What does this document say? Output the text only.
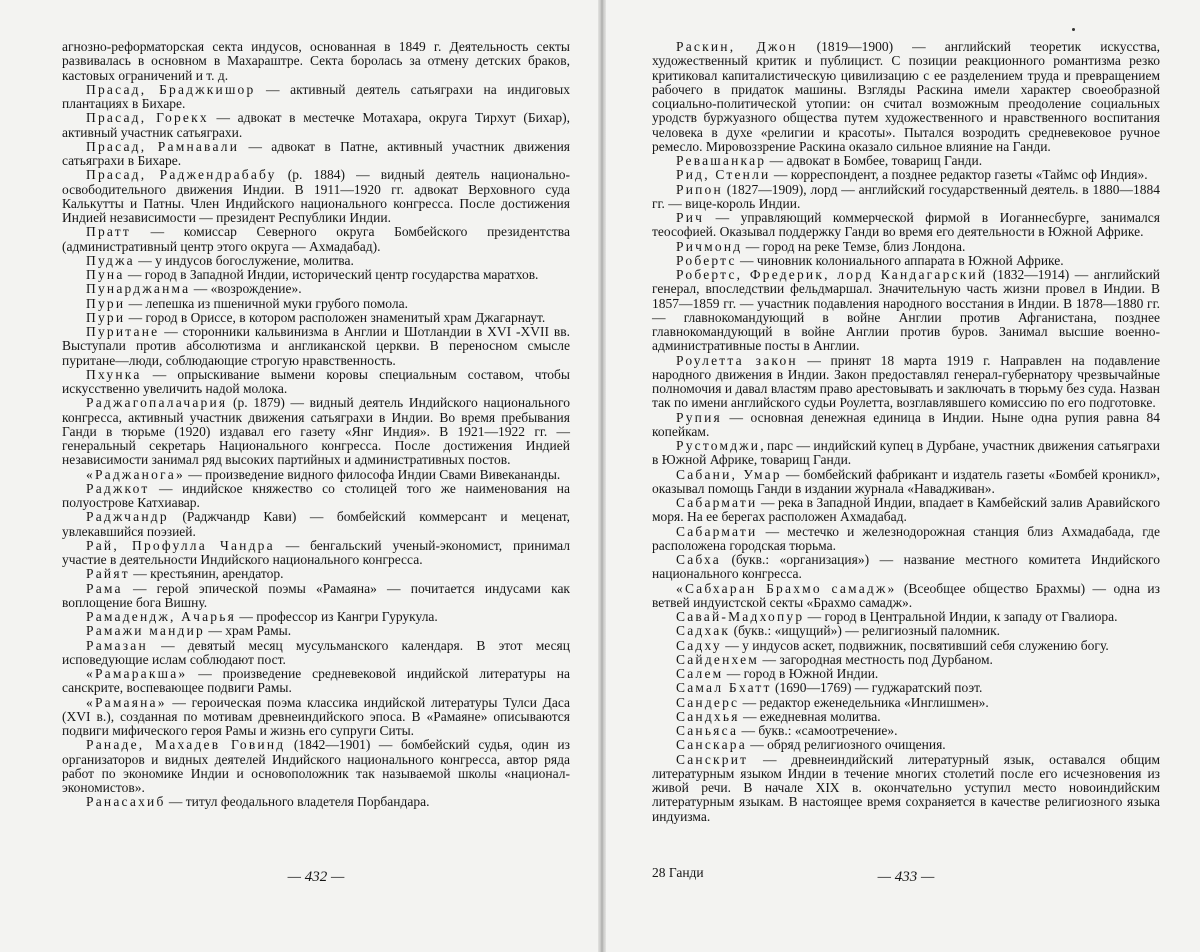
агнозно-реформаторская секта индусов, основанная в 1849 г. Деятельность секты развивалась в основном в Махараштре. Секта боролась за отмену детских браков, кастовых ограничений и т. д.

Прасад, Браджкишор — активный деятель сатьяграхи на индиговых плантациях в Бихаре.

Прасад, Горекх — адвокат в местечке Мотахара, округа Тирхут (Бихар), активный участник сатьяграхи.

Прасад, Рамнавали — адвокат в Патне, активный участник движения сатьяграхи в Бихаре.

Прасад, Раджендрабабу (р. 1884) — видный деятель национально-освободительного движения Индии. В 1911—1920 гг. адвокат Верховного суда Калькутты и Патны. Член Индийского национального конгресса. После достижения Индией независимости — президент Республики Индии.

Пратт — комиссар Северного округа Бомбейского президентства (административный центр этого округа — Ахмадабад).

Пуджа — у индусов богослужение, молитва.

Пуна — город в Западной Индии, исторический центр государства маратхов.

Пунарджанма — «возрождение».

Пури — лепешка из пшеничной муки грубого помола.

Пури — город в Ориссе, в котором расположен знаменитый храм Джагарнаут.

Пуритане — сторонники кальвинизма в Англии и Шотландии в XVI -XVII вв. Выступали против абсолютизма и англиканской церкви. В переносном смысле пуритане—люди, соблюдающие строгую нравственность.

Пхунка — опрыскивание вымени коровы специальным составом, чтобы искусственно увеличить надой молока.

Раджагопалачария (р. 1879) — видный деятель Индийского национального конгресса, активный участник движения сатьяграхи в Индии. Во время пребывания Ганди в тюрьме (1920) издавал его газету «Янг Индия». В 1921—1922 гг. — генеральный секретарь Национального конгресса. После достижения Индией независимости занимал ряд высоких партийных и административных постов.

«Раджанога» — произведение видного философа Индии Свами Вивекананды.

Раджкот — индийское княжество со столицей того же наименования на полуострове Катхиавар.

Раджчандр (Раджчандр Кави) — бомбейский коммерсант и меценат, увлекавшийся поэзией.

Рай, Профулла Чандра — бенгальский ученый-экономист, принимал участие в деятельности Индийского национального конгресса.

Райят — крестьянин, арендатор.

Рама — герой эпической поэмы «Рамаяна» — почитается индусами как воплощение бога Вишну.

Рамадендж, Ачарья — профессор из Кангри Гурукула.

Рамажи мандир — храм Рамы.

Рамазан — девятый месяц мусульманского календаря. В этот месяц исповедующие ислам соблюдают пост.

«Рамаракша» — произведение средневековой индийской литературы на санскрите, воспевающее подвиги Рамы.

«Рамаяна» — героическая поэма классика индийской литературы Тулси Даса (XVI в.), созданная по мотивам древнеиндийского эпоса. В «Рамаяне» описываются подвиги мифического героя Рамы и жизнь его супруги Ситы.

Ранаде, Махадев Говинд (1842—1901) — бомбейский судья, один из организаторов и видных деятелей Индийского национального конгресса, автор ряда работ по экономике Индии и основоположник так называемой школы «национал-экономистов».

Ранасахиб — титул феодального владетеля Порбандара.

— 432 —

Раскин, Джон (1819—1900) — английский теоретик искусства, художественный критик и публицист. С позиции реакционного романтизма резко критиковал капиталистическую цивилизацию с ее разделением труда и превращением рабочего в придаток машины. Взгляды Раскина имели характер своеобразной социально-политической утопии: он считал возможным преодоление социальных уродств буржуазного общества путем художественного и нравственного воспитания человека в духе «религии и красоты». Пытался возродить средневековое ручное ремесло. Мировоззрение Раскина оказало сильное влияние на Ганди.

Ревашанкар — адвокат в Бомбее, товарищ Ганди.

Рид, Стенли — корреспондент, а позднее редактор газеты «Таймс оф Индия».

Рипон (1827—1909), лорд — английский государственный деятель. в 1880—1884 гг. — вице-король Индии.

Рич — управляющий коммерческой фирмой в Иоганнесбурге, занимался теософией. Оказывал поддержку Ганди во время его деятельности в Южной Африке.

Ричмонд — город на реке Темзе, близ Лондона.

Робертс — чиновник колониального аппарата в Южной Африке.

Робертс, Фредерик, лорд Кандагарский (1832—1914) — английский генерал, впоследствии фельдмаршал. Значительную часть жизни провел в Индии. В 1857—1859 гг. — участник подавления народного восстания в Индии. В 1878—1880 гг. — главнокомандующий в войне Англии против Афганистана, позднее главнокомандующий в войне Англии против буров. Занимал высшие военно-административные посты в Англии.

Роулетта закон — принят 18 марта 1919 г. Направлен на подавление народного движения в Индии. Закон предоставлял генерал-губернатору чрезвычайные полномочия и давал властям право арестовывать и заключать в тюрьму без суда. Назван так по имени английского судьи Роулетта, возглавлявшего комиссию по его подготовке.

Рупия — основная денежная единица в Индии. Ныне одна рупия равна 84 копейкам.

Рустомджи, парс — индийский купец в Дурбане, участник движения сатьяграхи в Южной Африке, товарищ Ганди.

Сабани, Умар — бомбейский фабрикант и издатель газеты «Бомбей кроникл», оказывал помощь Ганди в издании журнала «Навадживан».

Сабармати — река в Западной Индии, впадает в Камбейский залив Аравийского моря. На ее берегах расположен Ахмадабад.

Сабармати — местечко и железнодорожная станция близ Ахмадабада, где расположена городская тюрьма.

Сабха (букв.: «организация») — название местного комитета Индийского национального конгресса.

«Сабхаран Брахмо самадж» (Всеобщее общество Брахмы) — одна из ветвей индуистской секты «Брахмо самадж».

Савай-Мадхопур — город в Центральной Индии, к западу от Гвалиора.

Садхак (букв.: «ищущий») — религиозный паломник.

Садху — у индусов аскет, подвижник, посвятивший себя служению богу.

Сайденхем — загородная местность под Дурбаном.

Салем — город в Южной Индии.

Самал Бхатт (1690—1769) — гуджаратский поэт.

Сандерс — редактор еженедельника «Инглишмен».

Сандхья — ежедневная молитва.

Саньяса — букв.: «самоотречение».

Санскара — обряд религиозного очищения.

Санскрит — древнеиндийский литературный язык, оставался общим литературным языком Индии в течение многих столетий после его исчезновения из живой речи. В начале XIX в. окончательно уступил место новоиндийским литературным языкам. В настоящее время сохраняется в качестве религиозного языка индуизма.

28 Ганди	— 433 —
